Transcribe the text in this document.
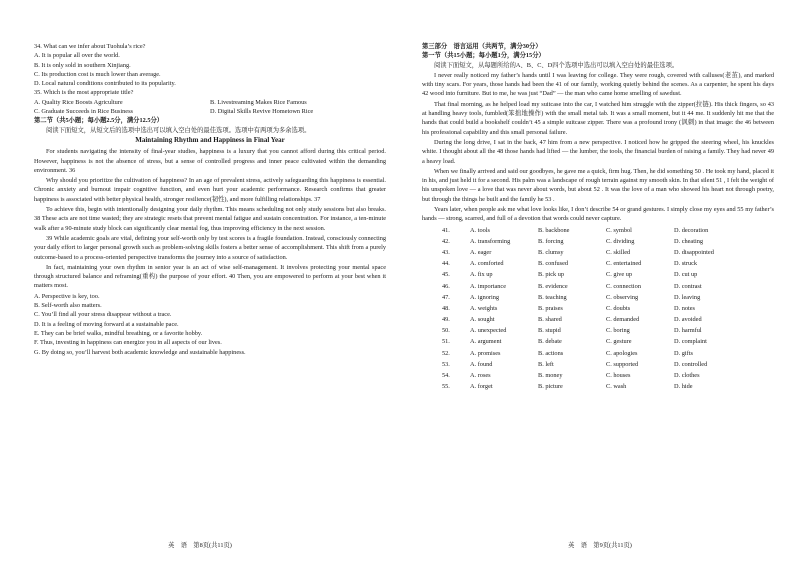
34. What can we infer about Tuohula’s rice?
A. It is popular all over the world.
B. It is only sold in southern Xinjiang.
C. Its production cost is much lower than average.
D. Local natural conditions contributed to its popularity.
35. Which is the most appropriate title?
A. Quality Rice Boosts Agriculture	B. Livestreaming Makes Rice Famous
C. Graduate Succeeds in Rice Business	D. Digital Skills Revive Hometown Rice
第二节（共5小题；每小题2.5分，满分12.5分）
阅读下面短文，从短文后的选项中选出可以填入空白处的最佳选项。选项中有两项为多余选项。
Maintaining Rhythm and Happiness in Final Year
For students navigating the intensity of final-year studies, happiness is a luxury that you cannot afford during this critical period. However, happiness is not the absence of stress, but a sense of controlled progress and inner peace cultivated within the demanding environment. 36
Why should you prioritize the cultivation of happiness? In an age of prevalent stress, actively safeguarding this happiness is essential. Chronic anxiety and burnout impair cognitive function, and even hurt your academic performance. Research confirms that greater happiness is associated with better physical health, stronger resilience(韧性), and more fulfilling relationships. 37
To achieve this, begin with intentionally designing your daily rhythm. This means scheduling not only study sessions but also breaks. 38 These acts are not time wasted; they are strategic resets that prevent mental fatigue and sustain concentration. For instance, a ten-minute walk after a 90-minute study block can significantly clear mental fog, thus improving efficiency in the next session.
39 While academic goals are vital, defining your self-worth only by test scores is a fragile foundation. Instead, consciously connecting your daily effort to larger personal growth such as problem-solving skills fosters a better sense of accomplishment. This shift from a purely outcome-based to a process-oriented perspective transforms the journey into a source of satisfaction.
In fact, maintaining your own rhythm in senior year is an act of wise self-management. It involves protecting your mental space through structured balance and reframing(重构) the purpose of your effort. 40 Then, you are empowered to perform at your best when it matters most.
A. Perspective is key, too.
B. Self-worth also matters.
C. You’ll find all your stress disappear without a trace.
D. It is a feeling of moving forward at a sustainable pace.
E. They can be brief walks, mindful breathing, or a favorite hobby.
F. Thus, investing in happiness can energize you in all aspects of our lives.
G. By doing so, you’ll harvest both academic knowledge and sustainable happiness.
英　语　第8页(共11页)
第三部分　语言运用（共两节，满分30分）
第一节（共15小题；每小题1分，满分15分）
阅读下面短文，从每题所给的A、B、C、D四个选项中选出可以填入空白处的最佳选项。
I never really noticed my father’s hands until I was leaving for college. They were rough, covered with calluses(老茧), and marked with tiny scars. For years, those hands had been the 41 of our family, working quietly behind the scenes. As a carpenter, he spent his days 42 wood into furniture. But to me, he was just “Dad” — the man who came home smelling of sawdust.
That final morning, as he helped load my suitcase into the car, I watched him struggle with the zipper(拉链). His thick fingers, so 43 at handling heavy tools, fumbled(笨拙地操作) with the small metal tab. It was a small moment, but it 44 me. It suddenly hit me that the hands that could build a bookshelf couldn’t 45 a simple suitcase zipper. There was a profound irony (讽刺) in that image: the 46 between his professional capability and this small personal failure.
During the long drive, I sat in the back, 47 him from a new perspective. I noticed how he gripped the steering wheel, his knuckles white. I thought about all the 48 those hands had lifted — the lumber, the tools, the financial burden of raising a family. They had never 49 a heavy load.
When we finally arrived and said our goodbyes, he gave me a quick, firm hug. Then, he did something 50 . He took my hand, placed it in his, and just held it for a second. His palm was a landscape of rough terrain against my smooth skin. In that silent 51 , I felt the weight of his unspoken love — a love that was never about words, but about 52 . It was the love of a man who showed his heart not through poetry, but through the things he built and the family he 53 .
Years later, when people ask me what love looks like, I don’t describe 54 or grand gestures. I simply close my eyes and 55 my father’s hands — strong, scarred, and full of a devotion that words could never capture.
41.	A. tools	B. backbone	C. symbol	D. decoration
42.	A. transforming	B. forcing	C. dividing	D. cheating
43.	A. eager	B. clumsy	C. skilled	D. disappointed
44.	A. comforted	B. confused	C. entertained	D. struck
45.	A. fix up	B. pick up	C. give up	D. cut up
46.	A. importance	B. evidence	C. connection	D. contrast
47.	A. ignoring	B. teaching	C. observing	D. leaving
48.	A. weights	B. praises	C. doubts	D. notes
49.	A. sought	B. shared	C. demanded	D. avoided
50.	A. unexpected	B. stupid	C. boring	D. harmful
51.	A. argument	B. debate	C. gesture	D. complaint
52.	A. promises	B. actions	C. apologies	D. gifts
53.	A. found	B. left	C. supported	D. controlled
54.	A. roses	B. money	C. houses	D. clothes
55.	A. forget	B. picture	C. wash	D. hide
英　语　第9页(共11页)
